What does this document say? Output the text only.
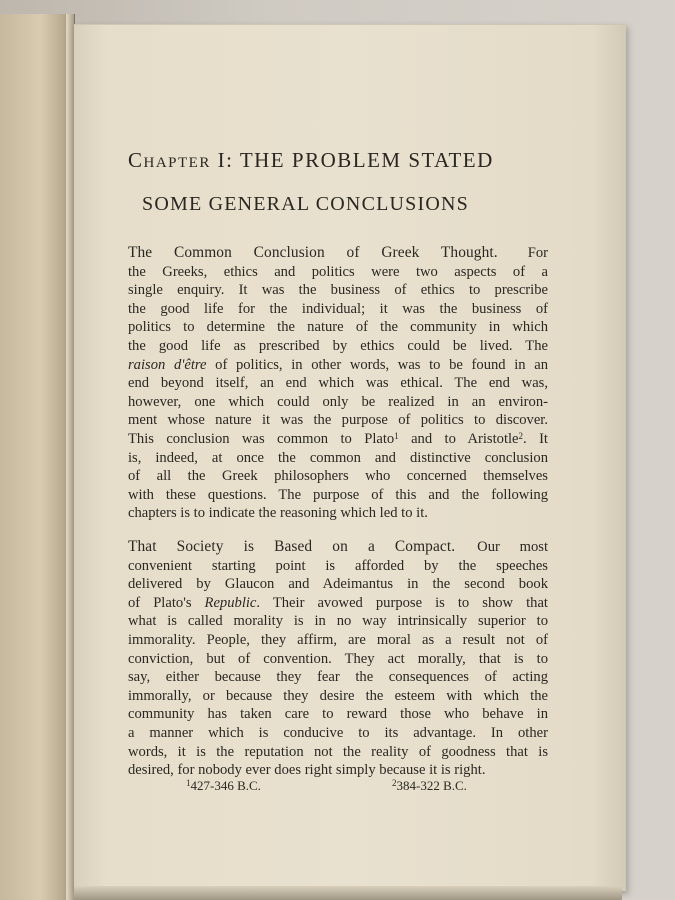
Chapter I: THE PROBLEM STATED
SOME GENERAL CONCLUSIONS
The Common Conclusion of Greek Thought. For
the Greeks, ethics and politics were two aspects of a
single enquiry. It was the business of ethics to prescribe
the good life for the individual; it was the business of
politics to determine the nature of the community in which
the good life as prescribed by ethics could be lived. The
raison d'être of politics, in other words, was to be found in an
end beyond itself, an end which was ethical. The end was,
however, one which could only be realized in an environ-
ment whose nature it was the purpose of politics to discover.
This conclusion was common to Plato$^1$ and to Aristotle$^2$. It
is, indeed, at once the common and distinctive conclusion
of all the Greek philosophers who concerned themselves
with these questions. The purpose of this and the following
chapters is to indicate the reasoning which led to it.
That Society is Based on a Compact. Our most
convenient starting point is afforded by the speeches
delivered by Glaucon and Adeimantus in the second book
of Plato's Republic. Their avowed purpose is to show that
what is called morality is in no way intrinsically superior to
immorality. People, they affirm, are moral as a result not of
conviction, but of convention. They act morally, that is to
say, either because they fear the consequences of acting
immorally, or because they desire the esteem with which the
community has taken care to reward those who behave in
a manner which is conducive to its advantage. In other
words, it is the reputation not the reality of goodness that is
desired, for nobody ever does right simply because it is right.
$^1$427-346 B.C.	$^2$384-322 B.C.
